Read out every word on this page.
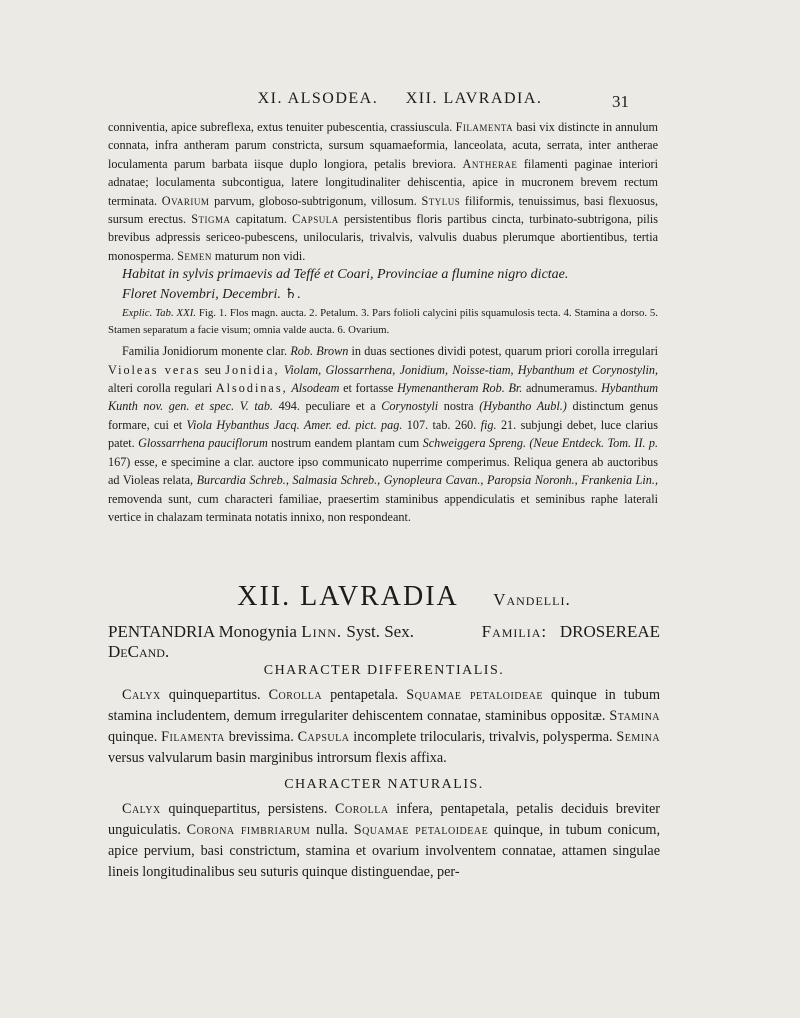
XI. ALSODEA. XII. LAVRADIA.	31

conniventia, apice subreflexa, extus tenuiter pubescentia, crassiuscula. Filamenta basi vix distincte in annulum connata, infra antheram parum constricta, sursum squamaeformia, lanceolata, acuta, serrata, inter antherae loculamenta parum barbata iisque duplo longiora, petalis breviora. Antherae filamenti paginae interiori adnatae; loculamenta subcontigua, latere longitudinaliter dehiscentia, apice in mucronem brevem rectum terminata. Ovarium parvum, globoso-subtrigonum, villosum. Stylus filiformis, tenuissimus, basi flexuosus, sursum erectus. Stigma capitatum. Capsula persistentibus floris partibus cincta, turbinato-subtrigona, pilis brevibus adpressis sericeo-pubescens, unilocularis, trivalvis, valvulis duabus plerumque abortientibus, tertia monosperma. Semen maturum non vidi.

Habitat in sylvis primaevis ad Teffé et Coari, Provinciae a flumine nigro dictae.

Floret Novembri, Decembri. ♄.

Explic. Tab. XXI. Fig. 1. Flos magn. aucta. 2. Petalum. 3. Pars folioli calycini pilis squamulosis tecta. 4. Stamina a dorso. 5. Stamen separatum a facie visum; omnia valde aucta. 6. Ovarium.

Familia Jonidiorum monente clar. Rob. Brown in duas sectiones dividi potest, quarum priori corolla irregulari Violeas veras seu Jonidia, Violam, Glossarrhena, Jonidium, Noisse-tiam, Hybanthum et Corynostylin, alteri corolla regulari Alsodinas, Alsodeam et fortasse Hymenantheram Rob. Br. adnumeramus. Hybanthum Kunth nov. gen. et spec. V. tab. 494. peculiare et a Corynostyli nostra (Hybantho Aubl.) distinctum genus formare, cui et Viola Hybanthus Jacq. Amer. ed. pict. pag. 107. tab. 260. fig. 21. subjungi debet, luce clarius patet. Glossarrhena pauciflorum nostrum eandem plantam cum Schweiggera Spreng. (Neue Entdeck. Tom. II. p. 167) esse, e specimine a clar. auctore ipso communicato nuperrime comperimus. Reliqua genera ab auctoribus ad Violeas relata, Burcardia Schreb., Salmasia Schreb., Gynopleura Cavan., Paropsia Noronh., Frankenia Lin., removenda sunt, cum characteri familiae, praesertim staminibus appendiculatis et seminibus raphe laterali vertice in chalazam terminata notatis innixo, non respondeant.

XII. LAVRADIA Vandelli.
PENTANDRIA Monogynia Linn. Syst. Sex.	Familia: DROSEREAE
DeCand.
CHARACTER DIFFERENTIALIS.

Calyx quinquepartitus. Corolla pentapetala. Squamae petaloideae quinque in tubum stamina includentem, demum irregulariter dehiscentem connatae, staminibus oppositæ. Stamina quinque. Filamenta brevissima. Capsula incomplete trilocularis, trivalvis, polysperma. Semina versus valvularum basin marginibus introrsum flexis affixa.

CHARACTER NATURALIS.

Calyx quinquepartitus, persistens. Corolla infera, pentapetala, petalis deciduis breviter unguiculatis. Corona fimbriarum nulla. Squamae petaloideae quinque, in tubum conicum, apice pervium, basi constrictum, stamina et ovarium involventem connatae, attamen singulae lineis longitudinalibus seu suturis quinque distinguendae, per-
